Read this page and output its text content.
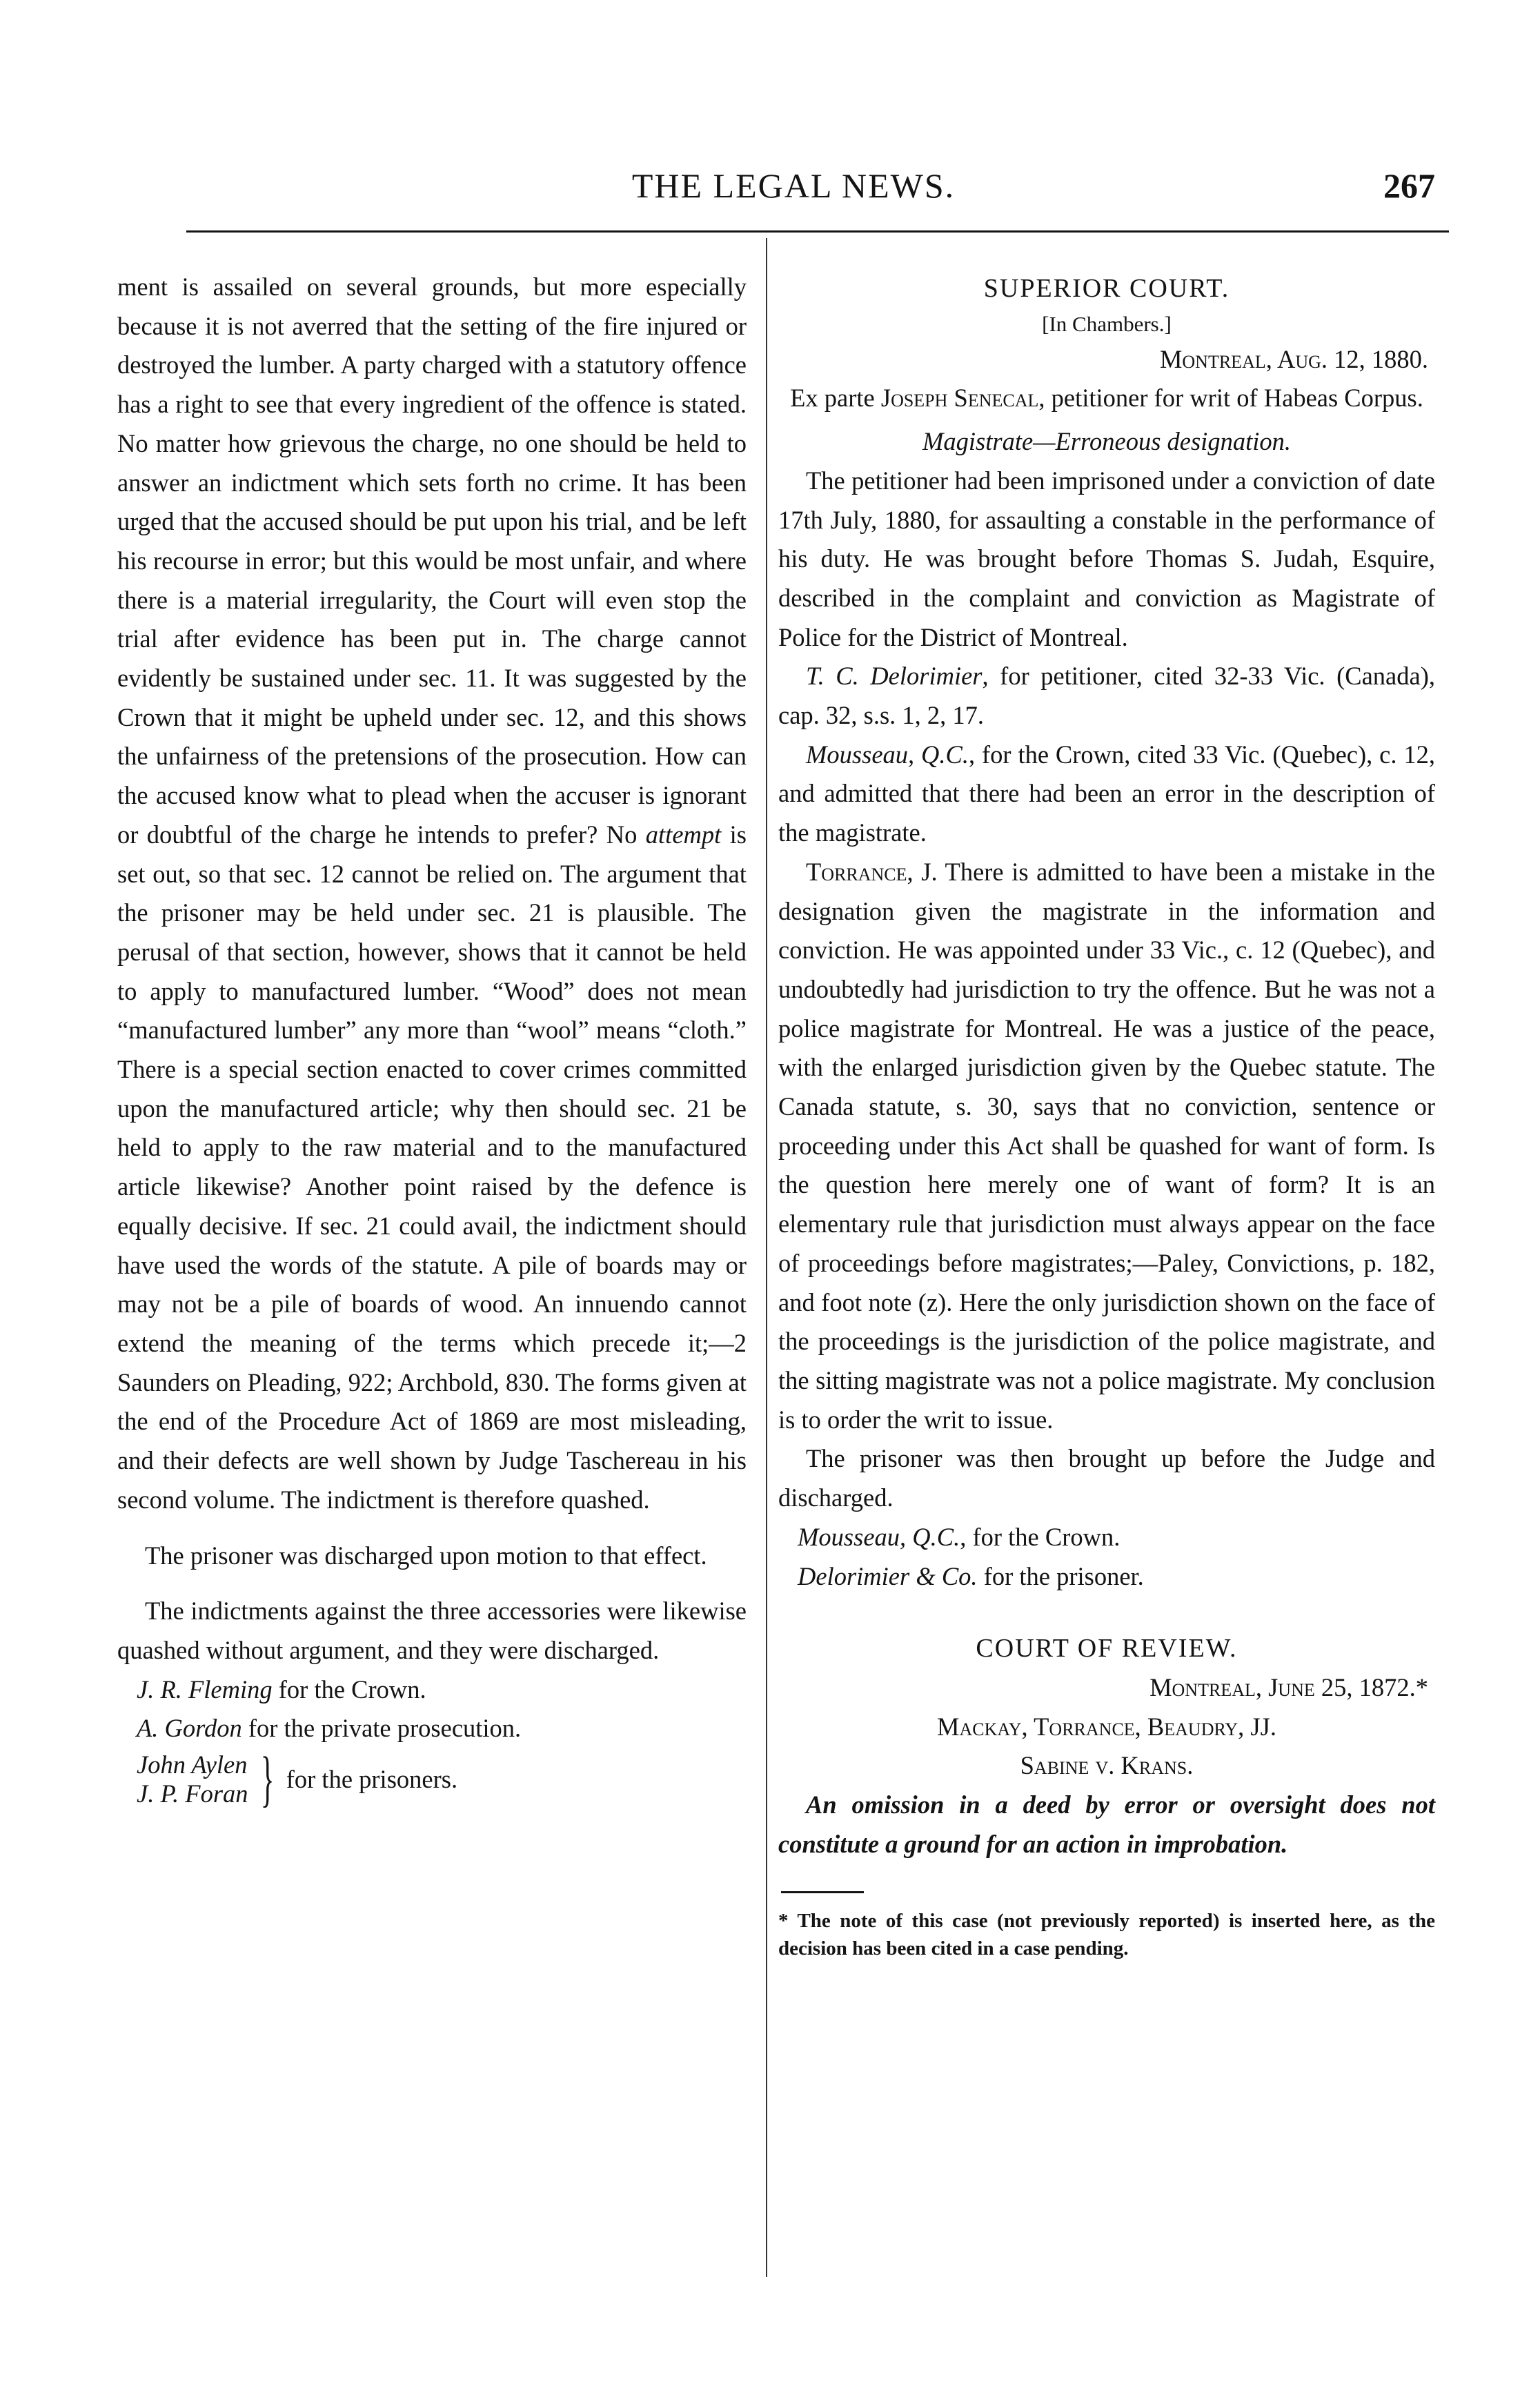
THE LEGAL NEWS.	267

ment is assailed on several grounds, but more especially because it is not averred that the setting of the fire injured or destroyed the lumber. A party charged with a statutory offence has a right to see that every ingredient of the offence is stated. No matter how grievous the charge, no one should be held to answer an indictment which sets forth no crime. It has been urged that the accused should be put upon his trial, and be left his recourse in error; but this would be most unfair, and where there is a material irregularity, the Court will even stop the trial after evidence has been put in. The charge cannot evidently be sustained under sec. 11. It was suggested by the Crown that it might be upheld under sec. 12, and this shows the unfairness of the pretensions of the prosecution. How can the accused know what to plead when the accuser is ignorant or doubtful of the charge he intends to prefer? No attempt is set out, so that sec. 12 cannot be relied on. The argument that the prisoner may be held under sec. 21 is plausible. The perusal of that section, however, shows that it cannot be held to apply to manufactured lumber. “Wood” does not mean “manufactured lumber” any more than “wool” means “cloth.” There is a special section enacted to cover crimes committed upon the manufactured article; why then should sec. 21 be held to apply to the raw material and to the manufactured article likewise? Another point raised by the defence is equally decisive. If sec. 21 could avail, the indictment should have used the words of the statute. A pile of boards may or may not be a pile of boards of wood. An innuendo cannot extend the meaning of the terms which precede it;—2 Saunders on Pleading, 922; Archbold, 830. The forms given at the end of the Procedure Act of 1869 are most misleading, and their defects are well shown by Judge Taschereau in his second volume. The indictment is therefore quashed.

The prisoner was discharged upon motion to that effect.

The indictments against the three accessories were likewise quashed without argument, and they were discharged.

J. R. Fleming for the Crown.

A. Gordon for the private prosecution.

John Aylen
J. P. Foran } for the prisoners.
SUPERIOR COURT.

[In Chambers.]

Montreal, Aug. 12, 1880.

Ex parte Joseph Senecal, petitioner for writ of Habeas Corpus.

Magistrate—Erroneous designation.

The petitioner had been imprisoned under a conviction of date 17th July, 1880, for assaulting a constable in the performance of his duty. He was brought before Thomas S. Judah, Esquire, described in the complaint and conviction as Magistrate of Police for the District of Montreal.

T. C. Delorimier, for petitioner, cited 32-33 Vic. (Canada), cap. 32, s.s. 1, 2, 17.

Mousseau, Q.C., for the Crown, cited 33 Vic. (Quebec), c. 12, and admitted that there had been an error in the description of the magistrate.

Torrance, J. There is admitted to have been a mistake in the designation given the magistrate in the information and conviction. He was appointed under 33 Vic., c. 12 (Quebec), and undoubtedly had jurisdiction to try the offence. But he was not a police magistrate for Montreal. He was a justice of the peace, with the enlarged jurisdiction given by the Quebec statute. The Canada statute, s. 30, says that no conviction, sentence or proceeding under this Act shall be quashed for want of form. Is the question here merely one of want of form? It is an elementary rule that jurisdiction must always appear on the face of proceedings before magistrates;—Paley, Convictions, p. 182, and foot note (z). Here the only jurisdiction shown on the face of the proceedings is the jurisdiction of the police magistrate, and the sitting magistrate was not a police magistrate. My conclusion is to order the writ to issue.

The prisoner was then brought up before the Judge and discharged.

Mousseau, Q.C., for the Crown.

Delorimier & Co. for the prisoner.

COURT OF REVIEW.

Montreal, June 25, 1872.*

Mackay, Torrance, Beaudry, JJ.

Sabine v. Krans.

An omission in a deed by error or oversight does not constitute a ground for an action in improbation.

* The note of this case (not previously reported) is inserted here, as the decision has been cited in a case pending.
